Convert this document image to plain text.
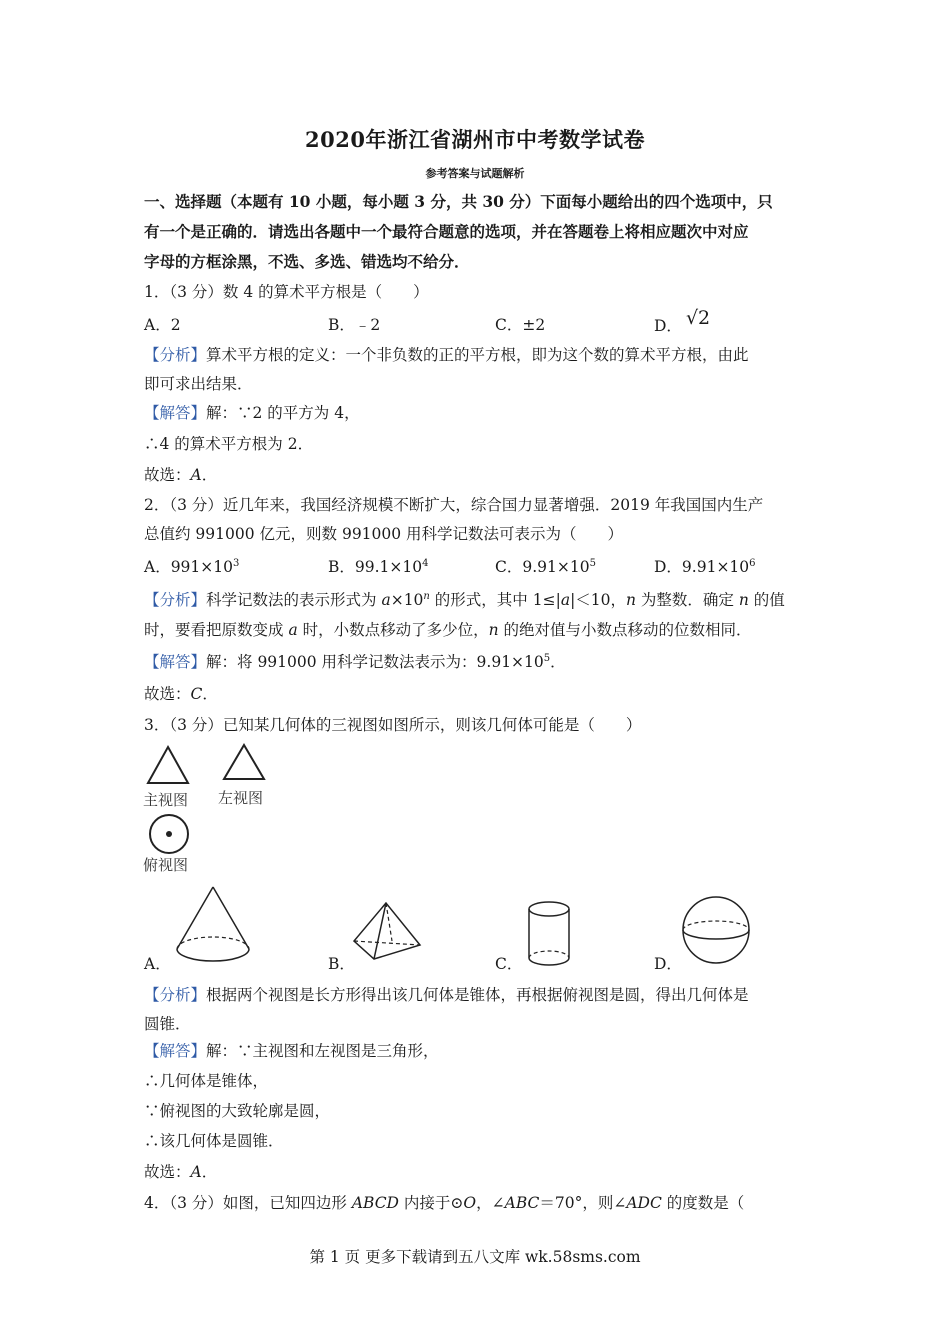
2020年浙江省湖州市中考数学试卷
参考答案与试题解析
一、选择题（本题有 10 小题，每小题 3 分，共 30 分）下面每小题给出的四个选项中，只
有一个是正确的．请选出各题中一个最符合题意的选项，并在答题卷上将相应题次中对应
字母的方框涂黑，不选、多选、错选均不给分．
1．（3 分）数 4 的算术平方根是（　　）
A．2	B．﹣2	C．±2	D． √2
【分析】算术平方根的定义：一个非负数的正的平方根，即为这个数的算术平方根，由此
即可求出结果．
【解答】解：∵2 的平方为 4，
∴4 的算术平方根为 2．
故选：A．
2．（3 分）近几年来，我国经济规模不断扩大，综合国力显著增强．2019 年我国国内生产
总值约 991000 亿元，则数 991000 用科学记数法可表示为（　　）
A．$991\times 10^3$	B．$99.1\times 10^4$	C．$9.91\times 10^5$	D．$9.91\times 10^6$
【分析】科学记数法的表示形式为 $a\times 10^n$ 的形式，其中 1≤|a|＜10，n 为整数．确定 n 的值
时，要看把原数变成 a 时，小数点移动了多少位，n 的绝对值与小数点移动的位数相同．
【解答】解：将 991000 用科学记数法表示为：$9.91\times 10^5$．
故选：C．
3．（3 分）已知某几何体的三视图如图所示，则该几何体可能是（　　）
主视图 左视图
俯视图
A．	B．	C．	D．
【分析】根据两个视图是长方形得出该几何体是锥体，再根据俯视图是圆，得出几何体是
圆锥．
【解答】解：∵主视图和左视图是三角形，
∴几何体是锥体，
∵俯视图的大致轮廓是圆，
∴该几何体是圆锥．
故选：A．
4．（3 分）如图，已知四边形 ABCD 内接于⊙O，∠ABC＝70°，则∠ADC 的度数是（
第 1 页 更多下载请到五八文库 wk.58sms.com
